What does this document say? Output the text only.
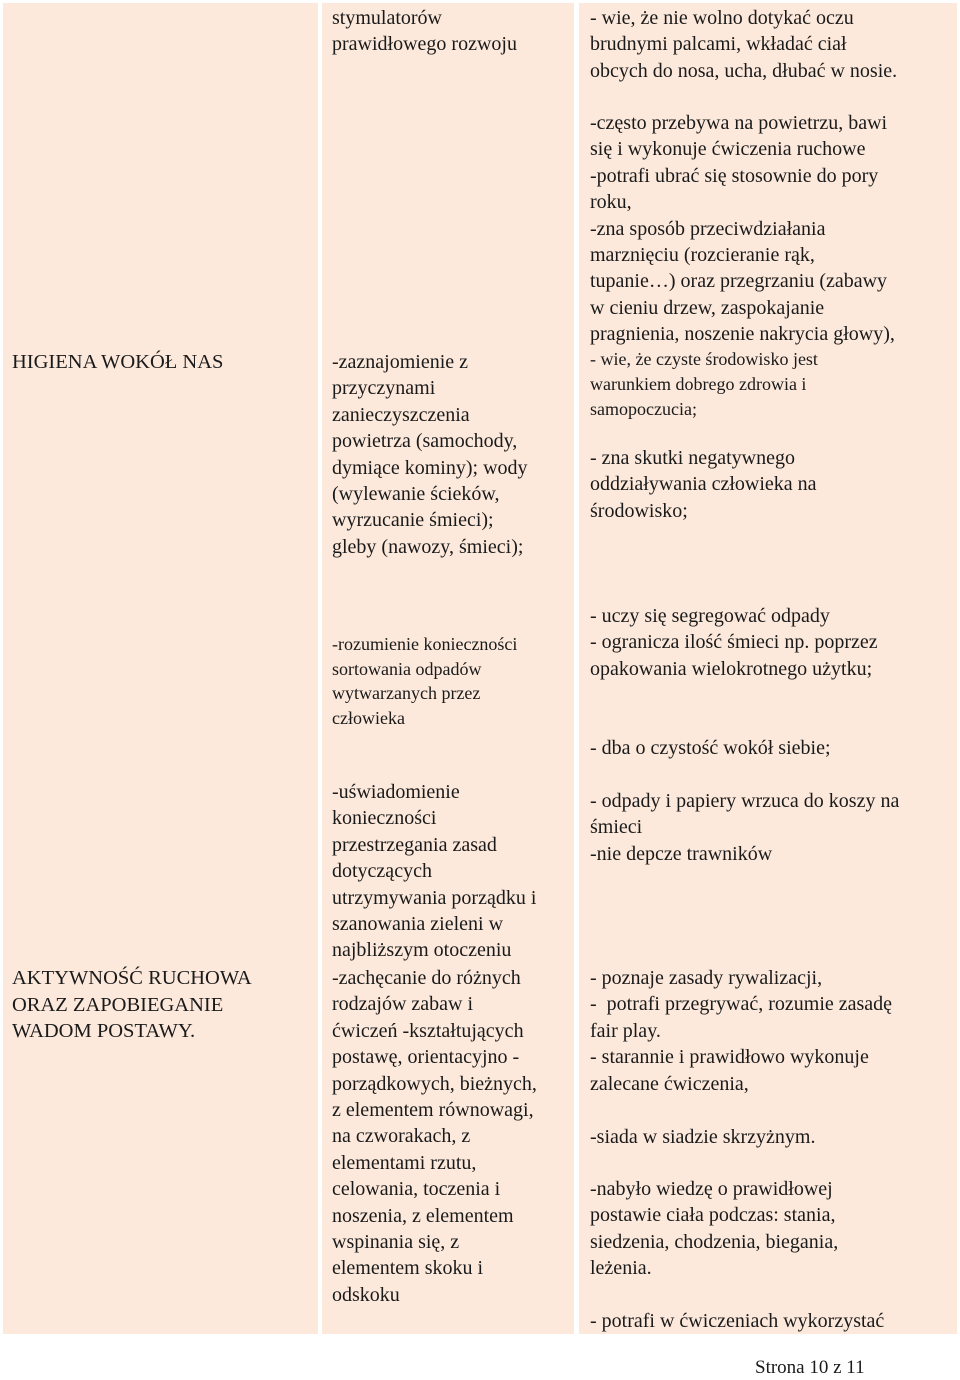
stymulatorów

prawidłowego rozwoju

- wie, że nie wolno dotykać oczu

brudnymi palcami, wkładać ciał

obcych do nosa, ucha, dłubać w nosie.

HIGIENA WOKÓŁ NAS	-zaznajomienie z

przyczynami

zanieczyszczenia

powietrza (samochody,

dymiące kominy); wody

(wylewanie ścieków,

wyrzucanie śmieci);

gleby (nawozy, śmieci);

-często przebywa na powietrzu, bawi

się i wykonuje ćwiczenia ruchowe

-potrafi ubrać się stosownie do pory

roku,

-zna sposób przeciwdziałania

marznięciu (rozcieranie rąk,

tupanie…) oraz przegrzaniu (zabawy

w cieniu drzew, zaspokajanie

pragnienia, noszenie nakrycia głowy),

- wie, że czyste środowisko jest

warunkiem dobrego zdrowia i

samopoczucia;

- zna skutki negatywnego

oddziaływania człowieka na

środowisko;

-rozumienie konieczności

sortowania odpadów

wytwarzanych przez

człowieka

- uczy się segregować odpady

- ogranicza ilość śmieci np. poprzez

opakowania wielokrotnego użytku;

- dba o czystość wokół siebie;

-uświadomienie

konieczności

przestrzegania zasad

dotyczących

utrzymywania porządku i

szanowania zieleni w

najbliższym otoczeniu

- odpady i papiery wrzuca do koszy na

śmieci

-nie depcze trawników

AKTYWNOŚĆ RUCHOWA
ORAZ ZAPOBIEGANIE
WADOM POSTAWY.

-zachęcanie do różnych

rodzajów zabaw i

ćwiczeń -kształtujących

postawę, orientacyjno -

porządkowych, bieżnych,

z elementem równowagi,

na czworakach, z

elementami rzutu,

celowania, toczenia i

noszenia, z elementem

wspinania się, z

elementem skoku i

odskoku

- poznaje zasady rywalizacji,

-  potrafi przegrywać, rozumie zasadę

fair play.

- starannie i prawidłowo wykonuje

zalecane ćwiczenia,

-siada w siadzie skrzyżnym.

-nabyło wiedzę o prawidłowej

postawie ciała podczas: stania,

siedzenia, chodzenia, biegania,

leżenia.

- potrafi w ćwiczeniach wykorzystać

Strona 10 z 11
